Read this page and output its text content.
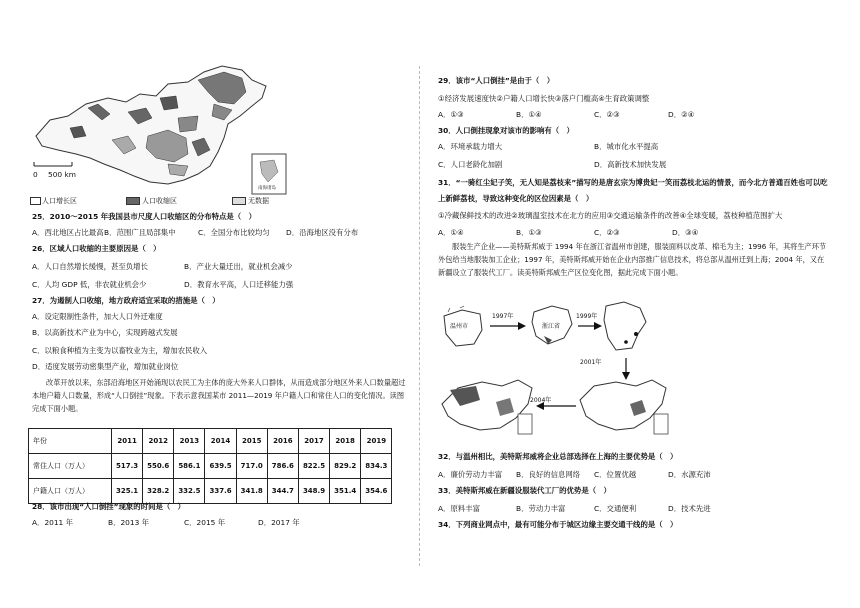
0 500 km
南海诸岛
人口增长区	人口收缩区	无数据
25．2010～2015 年我国县市尺度人口收缩区的分布特点是（　）
A．西北地区占比最高 B．范围广且局部集中	C．全国分布比较均匀 D．沿海地区没有分布
26．区域人口收缩的主要原因是（　）
A．人口自然增长缓慢，甚至负增长	B．产业大量迁出，就业机会减少
C．人均 GDP 低，非农就业机会少	D．教育水平高，人口迁移能力强
27．为遏制人口收缩，地方政府适宜采取的措施是（　）
A．设定限制性条件，加大人口外迁难度
B．以高新技术产业为中心，实现跨越式发展
C．以粮食种植为主变为以畜牧业为主，增加农民收入
D．适度发展劳动密集型产业，增加就业岗位
改革开放以来，东部沿海地区开始涌现以农民工为主体的庞大外来人口群体，从而造成部分地区外来人口数量超过本地户籍人口数量，形成“人口倒挂”现象。下表示意我国某市 2011—2019 年户籍人口和常住人口的变化情况。读图完成下面小题。
年份	2011	2012	2013	2014	2015	2016	2017	2018	2019
常住人口（万人）	517.3	550.6	586.1	639.5	717.0	786.6	822.5	829.2	834.3
户籍人口（万人）	325.1	328.2	332.5	337.6	341.8	344.7	348.9	351.4	354.6
28．该市出现“人口倒挂”现象的时间是（　）
A．2011 年	B．2013 年	C．2015 年	D．2017 年
29．该市“人口倒挂”是由于（　）
①经济发展速度快②户籍人口增长快③落户门槛高④生育政策调整
A．①③	B．①④	C．②③	D．②④
30．人口倒挂现象对该市的影响有（　）
A．环境承载力增大	B．城市化水平提高
C．人口老龄化加剧	D．高新技术加快发展
31．“一骑红尘妃子笑，无人知是荔枝来”描写的是唐玄宗为博贵妃一笑而荔枝北运的情景，而今北方普通百姓也可以吃
上新鲜荔枝，导致这种变化的区位因素是（　）
①冷藏保鲜技术的改进②玻璃温室技术在北方的应用③交通运输条件的改善④全球变暖，荔枝种植范围扩大
A．①④	B．①③	C．②③	D．③④
服装生产企业——美特斯邦威于 1994 年在浙江省温州市创建，服装面料以皮革、棉毛为主；1996 年，其将生产环节外包给当地服装加工企业；1997 年，美特斯邦威开始在企业内部推广信息技术，将总部从温州迁到上海；2004 年，又在新疆设立了服装代工厂。读美特斯邦威生产区位变化图，据此完成下面小题。
温州市	浙江省
1997年	1999年
2001年
2004年
32．与温州相比，美特斯邦威将企业总部选择在上海的主要优势是（　）
A．廉价劳动力丰富 B．良好的信息网络 C．位置优越	D．水源充沛
33．美特斯邦威在新疆设服装代工厂的优势是（　）
A．原料丰富	B．劳动力丰富	C．交通便利	D．技术先进
34．下列商业网点中，最有可能分布于城区边缘主要交通干线的是（　）
